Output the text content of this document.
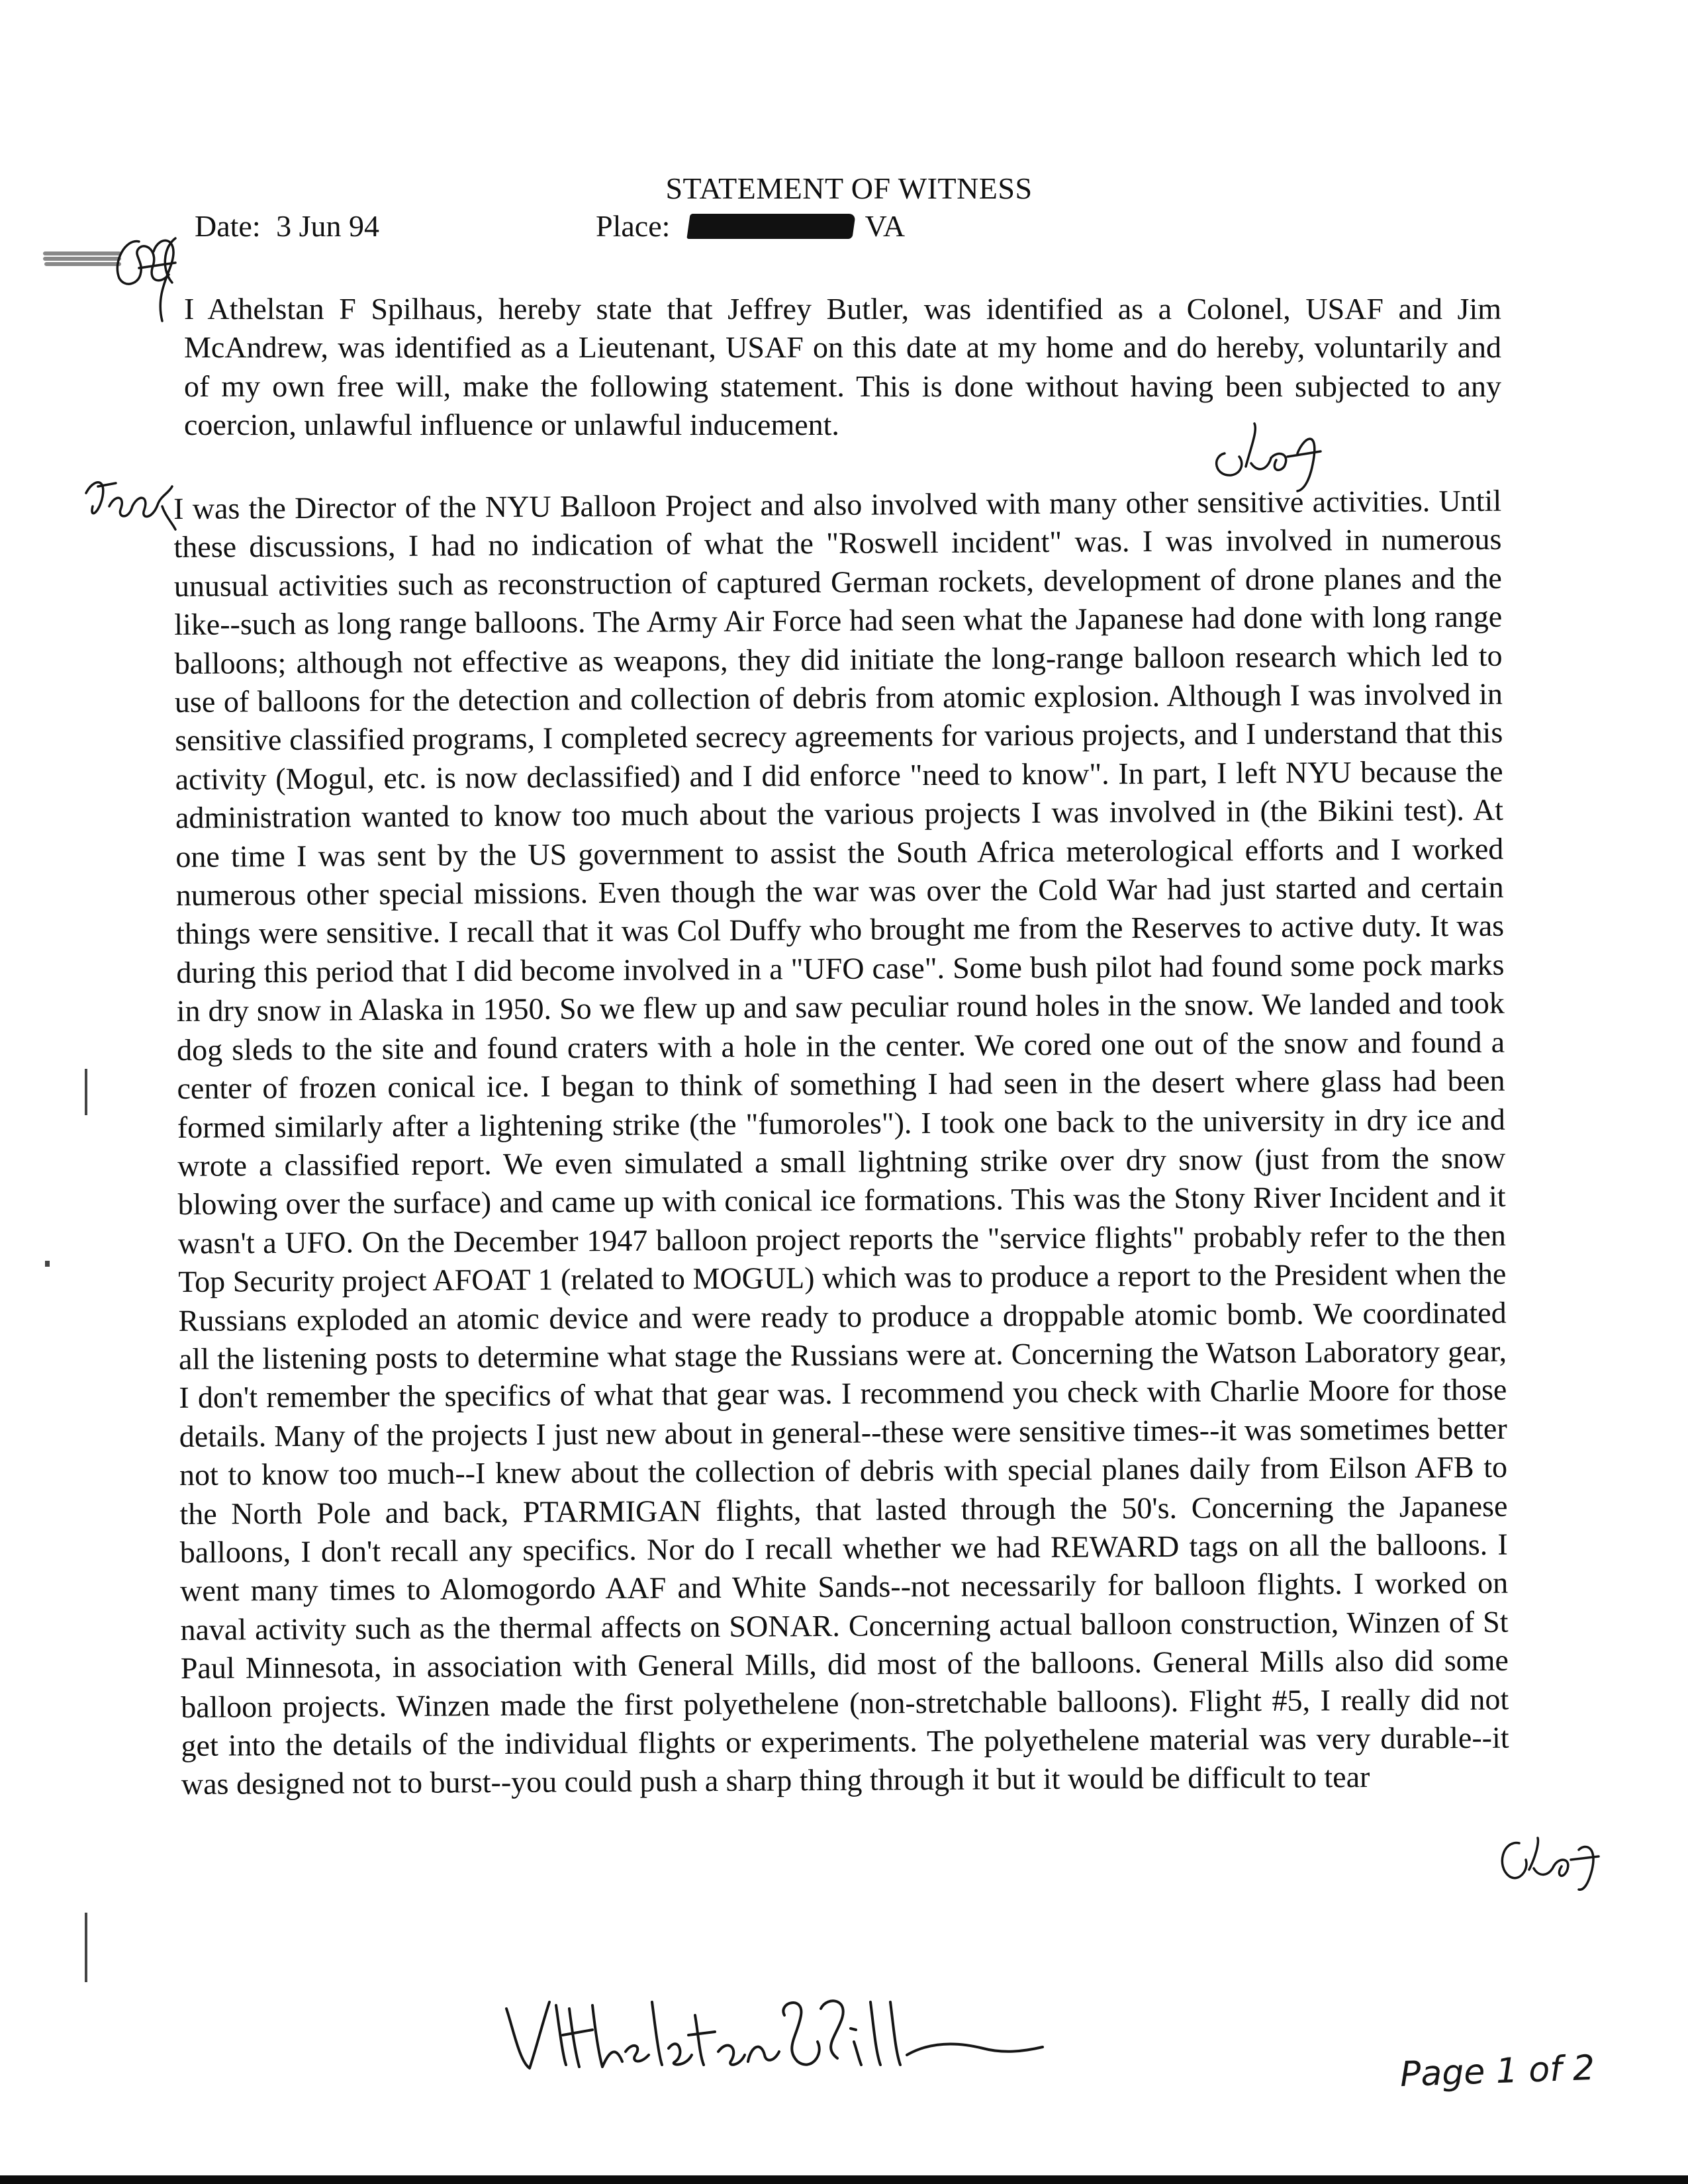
STATEMENT OF WITNESS
Date: 3 Jun 94	Place:	VA

I Athelstan F Spilhaus, hereby state that Jeffrey Butler, was identified as a Colonel, USAF and Jim McAndrew, was identified as a Lieutenant, USAF on this date at my home and do hereby, voluntarily and of my own free will, make the following statement. This is done without having been subjected to any coercion, unlawful influence or unlawful inducement.

I was the Director of the NYU Balloon Project and also involved with many other sensitive activities. Until these discussions, I had no indication of what the "Roswell incident" was. I was involved in numerous unusual activities such as reconstruction of captured German rockets, development of drone planes and the like--such as long range balloons. The Army Air Force had seen what the Japanese had done with long range balloons; although not effective as weapons, they did initiate the long-range balloon research which led to use of balloons for the detection and collection of debris from atomic explosion. Although I was involved in sensitive classified programs, I completed secrecy agreements for various projects, and I understand that this activity (Mogul, etc. is now declassified) and I did enforce "need to know". In part, I left NYU because the administration wanted to know too much about the various projects I was involved in (the Bikini test). At one time I was sent by the US government to assist the South Africa meterological efforts and I worked numerous other special missions. Even though the war was over the Cold War had just started and certain things were sensitive. I recall that it was Col Duffy who brought me from the Reserves to active duty. It was during this period that I did become involved in a "UFO case". Some bush pilot had found some pock marks in dry snow in Alaska in 1950. So we flew up and saw peculiar round holes in the snow. We landed and took dog sleds to the site and found craters with a hole in the center. We cored one out of the snow and found a center of frozen conical ice. I began to think of something I had seen in the desert where glass had been formed similarly after a lightening strike (the "fumoroles"). I took one back to the university in dry ice and wrote a classified report. We even simulated a small lightning strike over dry snow (just from the snow blowing over the surface) and came up with conical ice formations. This was the Stony River Incident and it wasn't a UFO. On the December 1947 balloon project reports the "service flights" probably refer to the then Top Security project AFOAT 1 (related to MOGUL) which was to produce a report to the President when the Russians exploded an atomic device and were ready to produce a droppable atomic bomb. We coordinated all the listening posts to determine what stage the Russians were at. Concerning the Watson Laboratory gear, I don't remember the specifics of what that gear was. I recommend you check with Charlie Moore for those details. Many of the projects I just new about in general--these were sensitive times--it was sometimes better not to know too much--I knew about the collection of debris with special planes daily from Eilson AFB to the North Pole and back, PTARMIGAN flights, that lasted through the 50's. Concerning the Japanese balloons, I don't recall any specifics. Nor do I recall whether we had REWARD tags on all the balloons. I went many times to Alomogordo AAF and White Sands--not necessarily for balloon flights. I worked on naval activity such as the thermal affects on SONAR. Concerning actual balloon construction, Winzen of St Paul Minnesota, in association with General Mills, did most of the balloons. General Mills also did some balloon projects. Winzen made the first polyethelene (non-stretchable balloons). Flight #5, I really did not get into the details of the individual flights or experiments. The polyethelene material was very durable--it was designed not to burst--you could push a sharp thing through it but it would be difficult to tear

Page 1 of 2
